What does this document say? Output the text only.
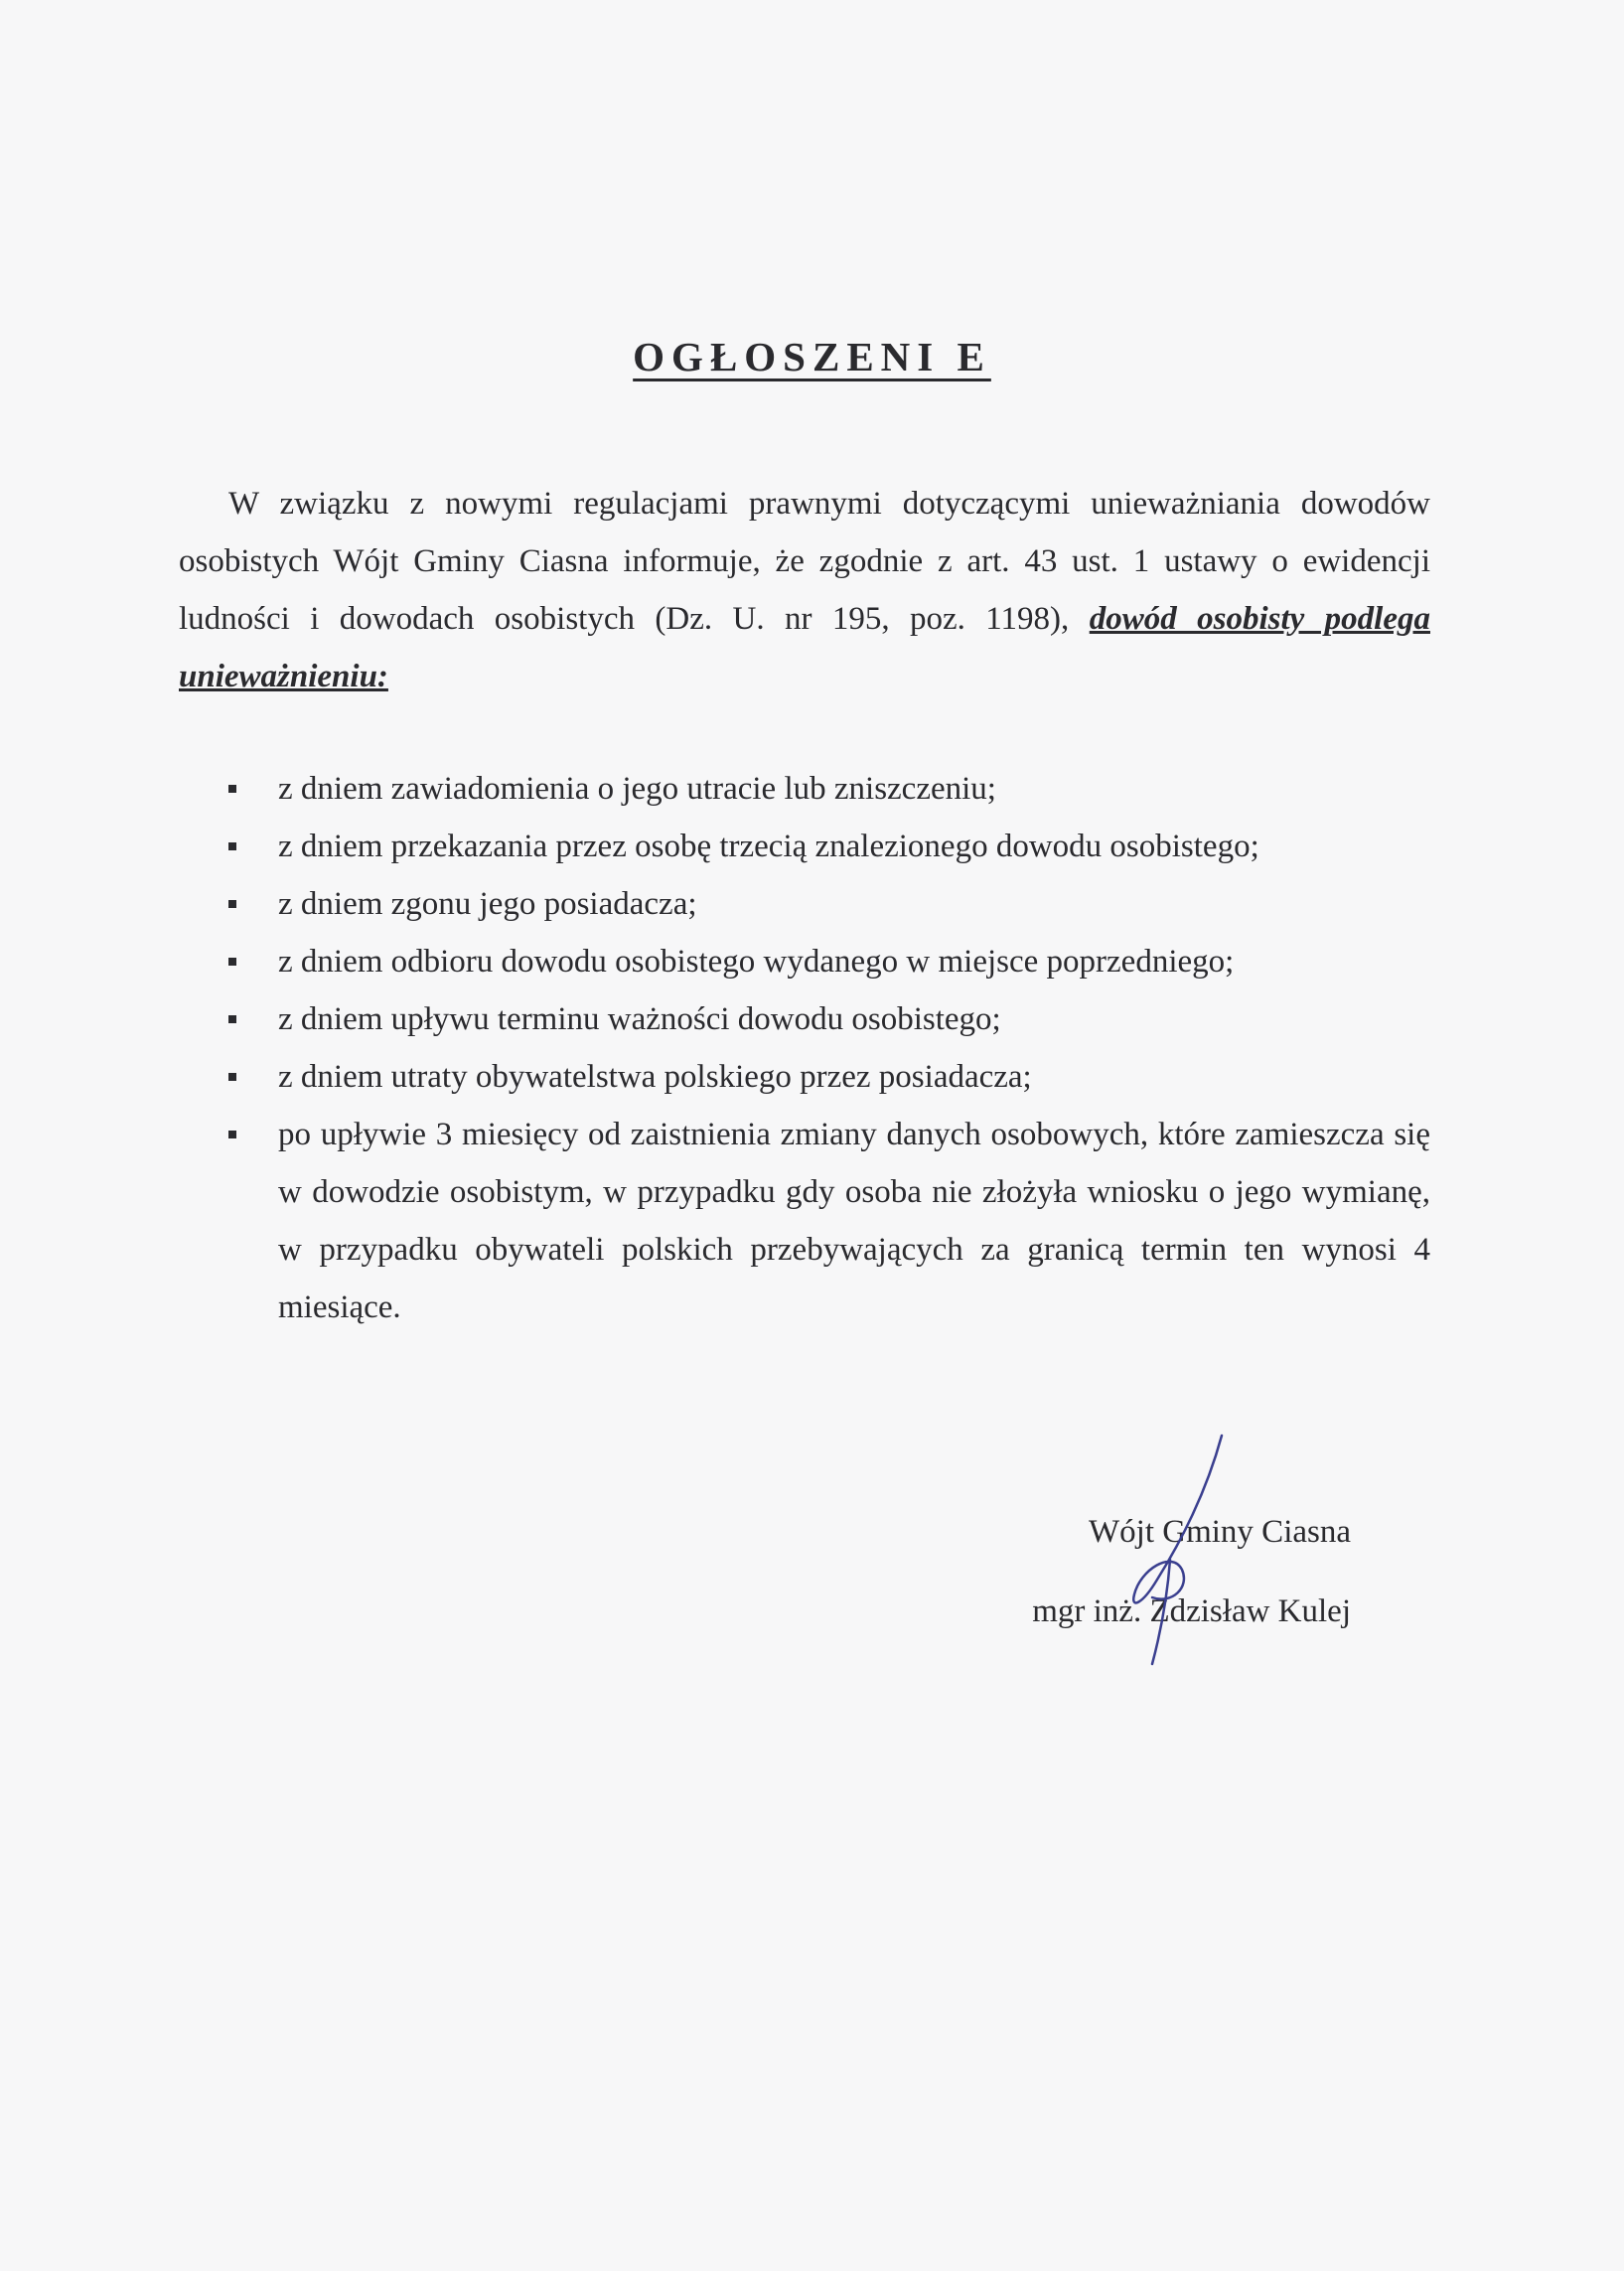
OGŁOSZENI E

W związku z nowymi regulacjami prawnymi dotyczącymi unieważniania dowodów osobistych Wójt Gminy Ciasna informuje, że zgodnie z art. 43 ust. 1 ustawy o ewidencji ludności i dowodach osobistych (Dz. U. nr 195, poz. 1198), dowód osobisty podlega unieważnieniu:

z dniem zawiadomienia o jego utracie lub zniszczeniu;
z dniem przekazania przez osobę trzecią znalezionego dowodu osobistego;
z dniem zgonu jego posiadacza;
z dniem odbioru dowodu osobistego wydanego w miejsce poprzedniego;
z dniem upływu terminu ważności dowodu osobistego;
z dniem utraty obywatelstwa polskiego przez posiadacza;
po upływie 3 miesięcy od zaistnienia zmiany danych osobowych, które zamieszcza się w dowodzie osobistym, w przypadku gdy osoba nie złożyła wniosku o jego wymianę, w przypadku obywateli polskich przebywających za granicą termin ten wynosi 4 miesiące.
Wójt Gminy Ciasna
mgr inż. Zdzisław Kulej
